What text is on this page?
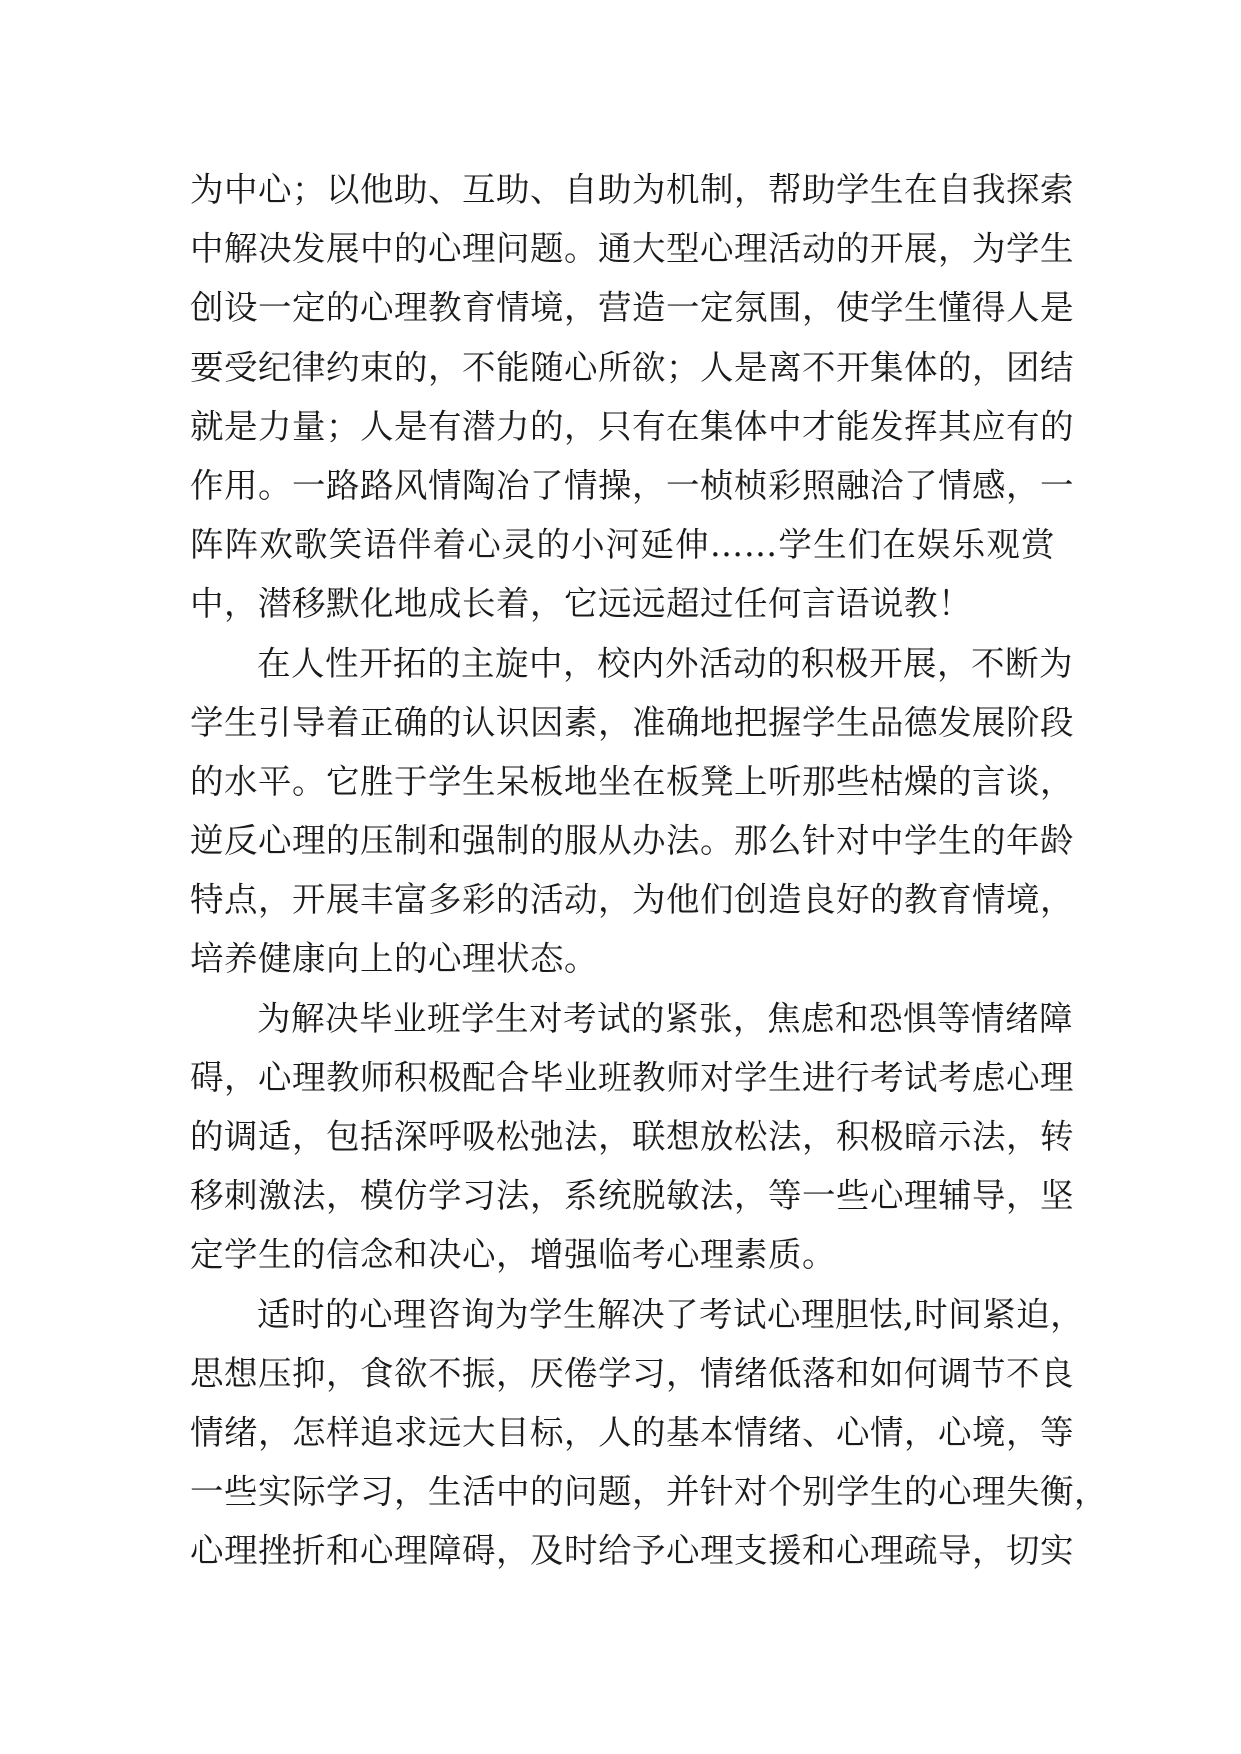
为中心；以他助、互助、自助为机制，帮助学生在自我探索
中解决发展中的心理问题。通大型心理活动的开展，为学生
创设一定的心理教育情境，营造一定氛围，使学生懂得人是
要受纪律约束的，不能随心所欲；人是离不开集体的，团结
就是力量；人是有潜力的，只有在集体中才能发挥其应有的
作用。一路路风情陶冶了情操，一桢桢彩照融洽了情感，一
阵阵欢歌笑语伴着心灵的小河延伸……学生们在娱乐观赏
中，潜移默化地成长着，它远远超过任何言语说教！
在人性开拓的主旋中，校内外活动的积极开展，不断为
学生引导着正确的认识因素，准确地把握学生品德发展阶段
的水平。它胜于学生呆板地坐在板凳上听那些枯燥的言谈，
逆反心理的压制和强制的服从办法。那么针对中学生的年龄
特点，开展丰富多彩的活动，为他们创造良好的教育情境，
培养健康向上的心理状态。
为解决毕业班学生对考试的紧张，焦虑和恐惧等情绪障
碍，心理教师积极配合毕业班教师对学生进行考试考虑心理
的调适，包括深呼吸松弛法，联想放松法，积极暗示法，转
移刺激法，模仿学习法，系统脱敏法，等一些心理辅导，坚
定学生的信念和决心，增强临考心理素质。
适时的心理咨询为学生解决了考试心理胆怯,时间紧迫，
思想压抑，食欲不振，厌倦学习，情绪低落和如何调节不良
情绪，怎样追求远大目标，人的基本情绪、心情，心境，等
一些实际学习，生活中的问题，并针对个别学生的心理失衡，
心理挫折和心理障碍，及时给予心理支援和心理疏导，切实
